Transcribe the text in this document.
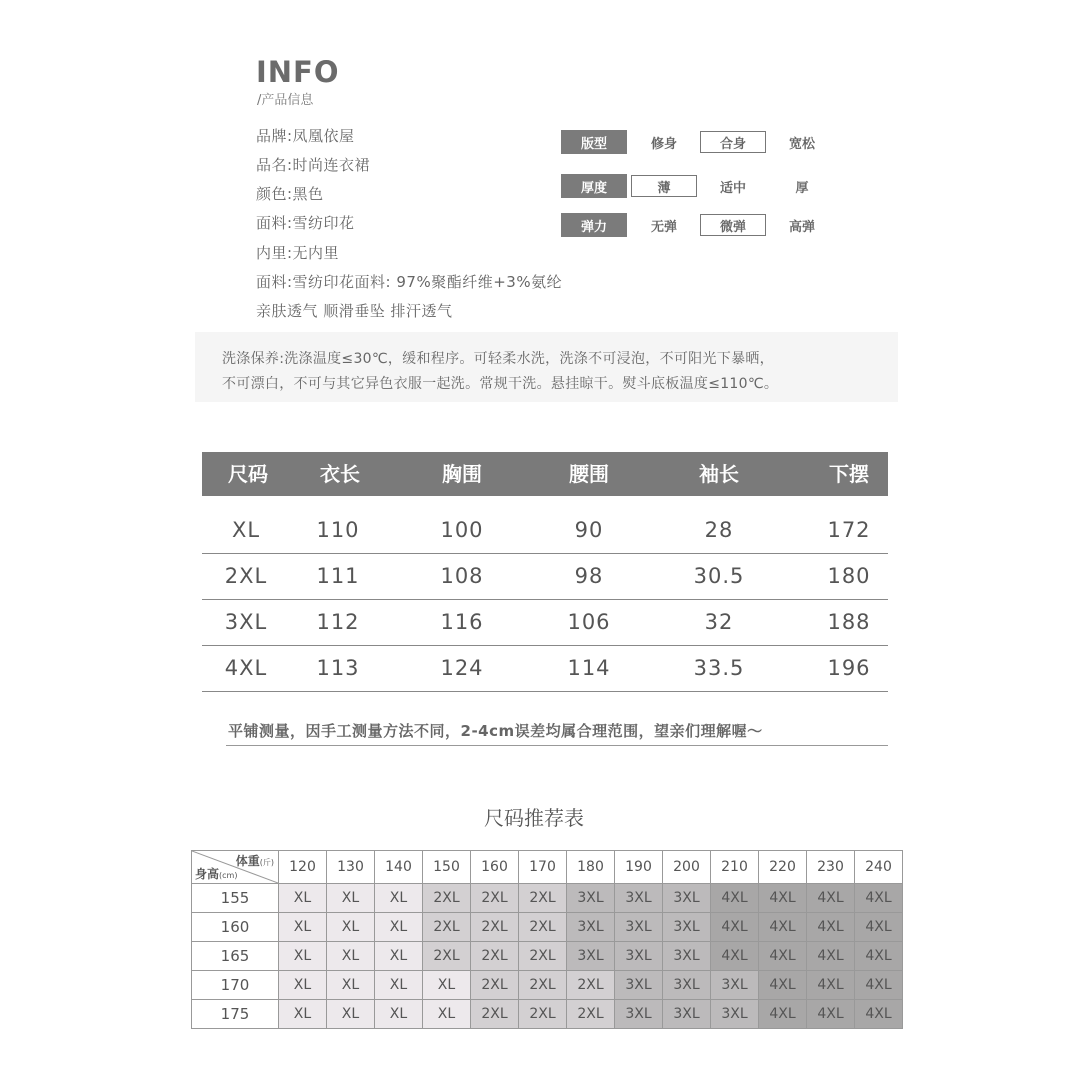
INFO
/产品信息
品牌:凤凰依屋
品名:时尚连衣裙
颜色:黑色
面料:雪纺印花
内里:无内里
面料:雪纺印花面料: 97%聚酯纤维+3%氨纶
亲肤透气 顺滑垂坠 排汗透气
版型	修身	合身	宽松
厚度	薄	适中	厚
弹力	无弹	微弹	高弹
洗涤保养:洗涤温度≤30℃，缓和程序。可轻柔水洗，洗涤不可浸泡，不可阳光下暴晒，
不可漂白，不可与其它异色衣服一起洗。常规干洗。悬挂晾干。熨斗底板温度≤110℃。
尺码	衣长	胸围	腰围	袖长	下摆
XL	110	100	90	28	172
2XL	111	108	98	30.5	180
3XL	112	116	106	32	188
4XL	113	124	114	33.5	196
平铺测量，因手工测量方法不同，2-4cm误差均属合理范围，望亲们理解喔～
尺码推荐表
体重(斤)
身高(cm)	120	130	140	150	160	170	180	190	200	210	220	230	240
155	XL	XL	XL	2XL	2XL	2XL	3XL	3XL	3XL	4XL	4XL	4XL	4XL
160	XL	XL	XL	2XL	2XL	2XL	3XL	3XL	3XL	4XL	4XL	4XL	4XL
165	XL	XL	XL	2XL	2XL	2XL	3XL	3XL	3XL	4XL	4XL	4XL	4XL
170	XL	XL	XL	XL	2XL	2XL	2XL	3XL	3XL	3XL	4XL	4XL	4XL
175	XL	XL	XL	XL	2XL	2XL	2XL	3XL	3XL	3XL	4XL	4XL	4XL
